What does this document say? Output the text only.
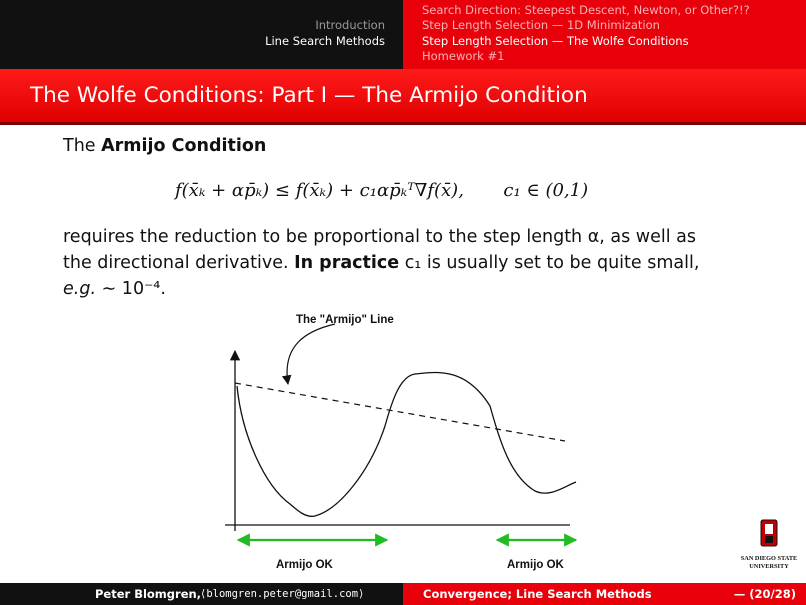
Introduction
Line Search Methods
Search Direction: Steepest Descent, Newton, or Other?!?
Step Length Selection — 1D Minimization
Step Length Selection — The Wolfe Conditions
Homework #1
The Wolfe Conditions: Part I — The Armijo Condition
The Armijo Condition
f(x̄ₖ + αp̄ₖ) ≤ f(x̄ₖ) + c₁αp̄ₖᵀ∇f(x̄), c₁ ∈ (0,1)
requires the reduction to be proportional to the step length α, as well as
the directional derivative. In practice c₁ is usually set to be quite small,
e.g. ∼ 10⁻⁴.
The "Armijo" Line
Armijo OK	Armijo OK
SAN DIEGO STATE
UNIVERSITY
Peter Blomgren,
⟨blomgren.peter@gmail.com⟩	Convergence; Line Search Methods	— (20/28)
